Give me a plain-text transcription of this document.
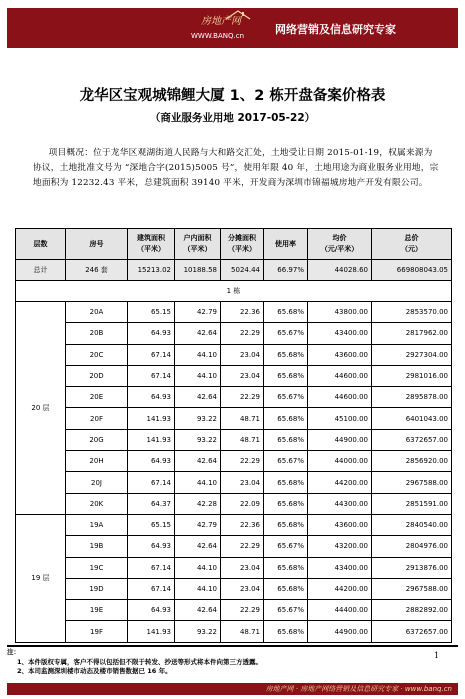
房地产网
WWW.BANQ.cn	网络营销及信息研究专家
龙华区宝观城锦鲤大厦 1、2 栋开盘备案价格表
（商业服务业用地 2017-05-22）
项目概况：位于龙华区观湖街道人民路与大和路交汇处，土地受让日期 2015-01-19，权属来源为协议，土地批准文号为 “深地合字(2015)5005 号”，使用年限 40 年，土地用途为商业服务业用地，宗地面积为 12232.43 平米，总建筑面积 39140 平米，开发商为深圳市锦福城房地产开发有限公司。
层数	房号	建筑面积
（平米）	户内面积
（平米）	分摊面积
（平米）	使用率	均价
（元/平米）	总价
（元）
总计	246 套	15213.02	10188.58	5024.44	66.97%	44028.60	669808043.05
1 栋							
20 层	20A	65.15	42.79	22.36	65.68%	43800.00	2853570.00
	20B	64.93	42.64	22.29	65.67%	43400.00	2817962.00
	20C	67.14	44.10	23.04	65.68%	43600.00	2927304.00
	20D	67.14	44.10	23.04	65.68%	44600.00	2981016.00
	20E	64.93	42.64	22.29	65.67%	44600.00	2895878.00
	20F	141.93	93.22	48.71	65.68%	45100.00	6401043.00
	20G	141.93	93.22	48.71	65.68%	44900.00	6372657.00
	20H	64.93	42.64	22.29	65.67%	44000.00	2856920.00
	20J	67.14	44.10	23.04	65.68%	44200.00	2967588.00
	20K	64.37	42.28	22.09	65.68%	44300.00	2851591.00
19 层	19A	65.15	42.79	22.36	65.68%	43600.00	2840540.00
	19B	64.93	42.64	22.29	65.67%	43200.00	2804976.00
	19C	67.14	44.10	23.04	65.68%	43400.00	2913876.00
	19D	67.14	44.10	23.04	65.68%	44200.00	2967588.00
	19E	64.93	42.64	22.29	65.67%	44400.00	2882892.00
	19F	141.93	93.22	48.71	65.68%	44900.00	6372657.00
注：
1、本件版权专属，客户不得以包括但不限于转发、抄送等形式将本件向第三方透露。
2、本司监测深圳楼市动态及楼市销售数据已 16 年。
1
房地产网 · 房地产网络营销及信息研究专家 · www.banq.cn
